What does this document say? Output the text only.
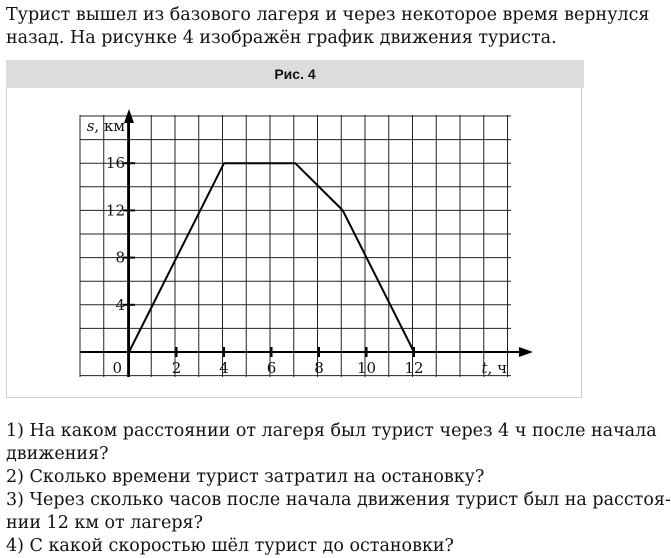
Турист вышел из базового лагеря и через некоторое время вернулся
назад. На рисунке 4 изображён график движения туриста.
Рис. 4
2	4	6	8 10 12
4
8
12
16
0
s, км
t, ч
1) На каком расстоянии от лагеря был турист через 4 ч после начала
движения?
2) Сколько времени турист затратил на остановку?
3) Через сколько часов после начала движения турист был на расстоя-
нии 12 км от лагеря?
4) С какой скоростью шёл турист до остановки?
